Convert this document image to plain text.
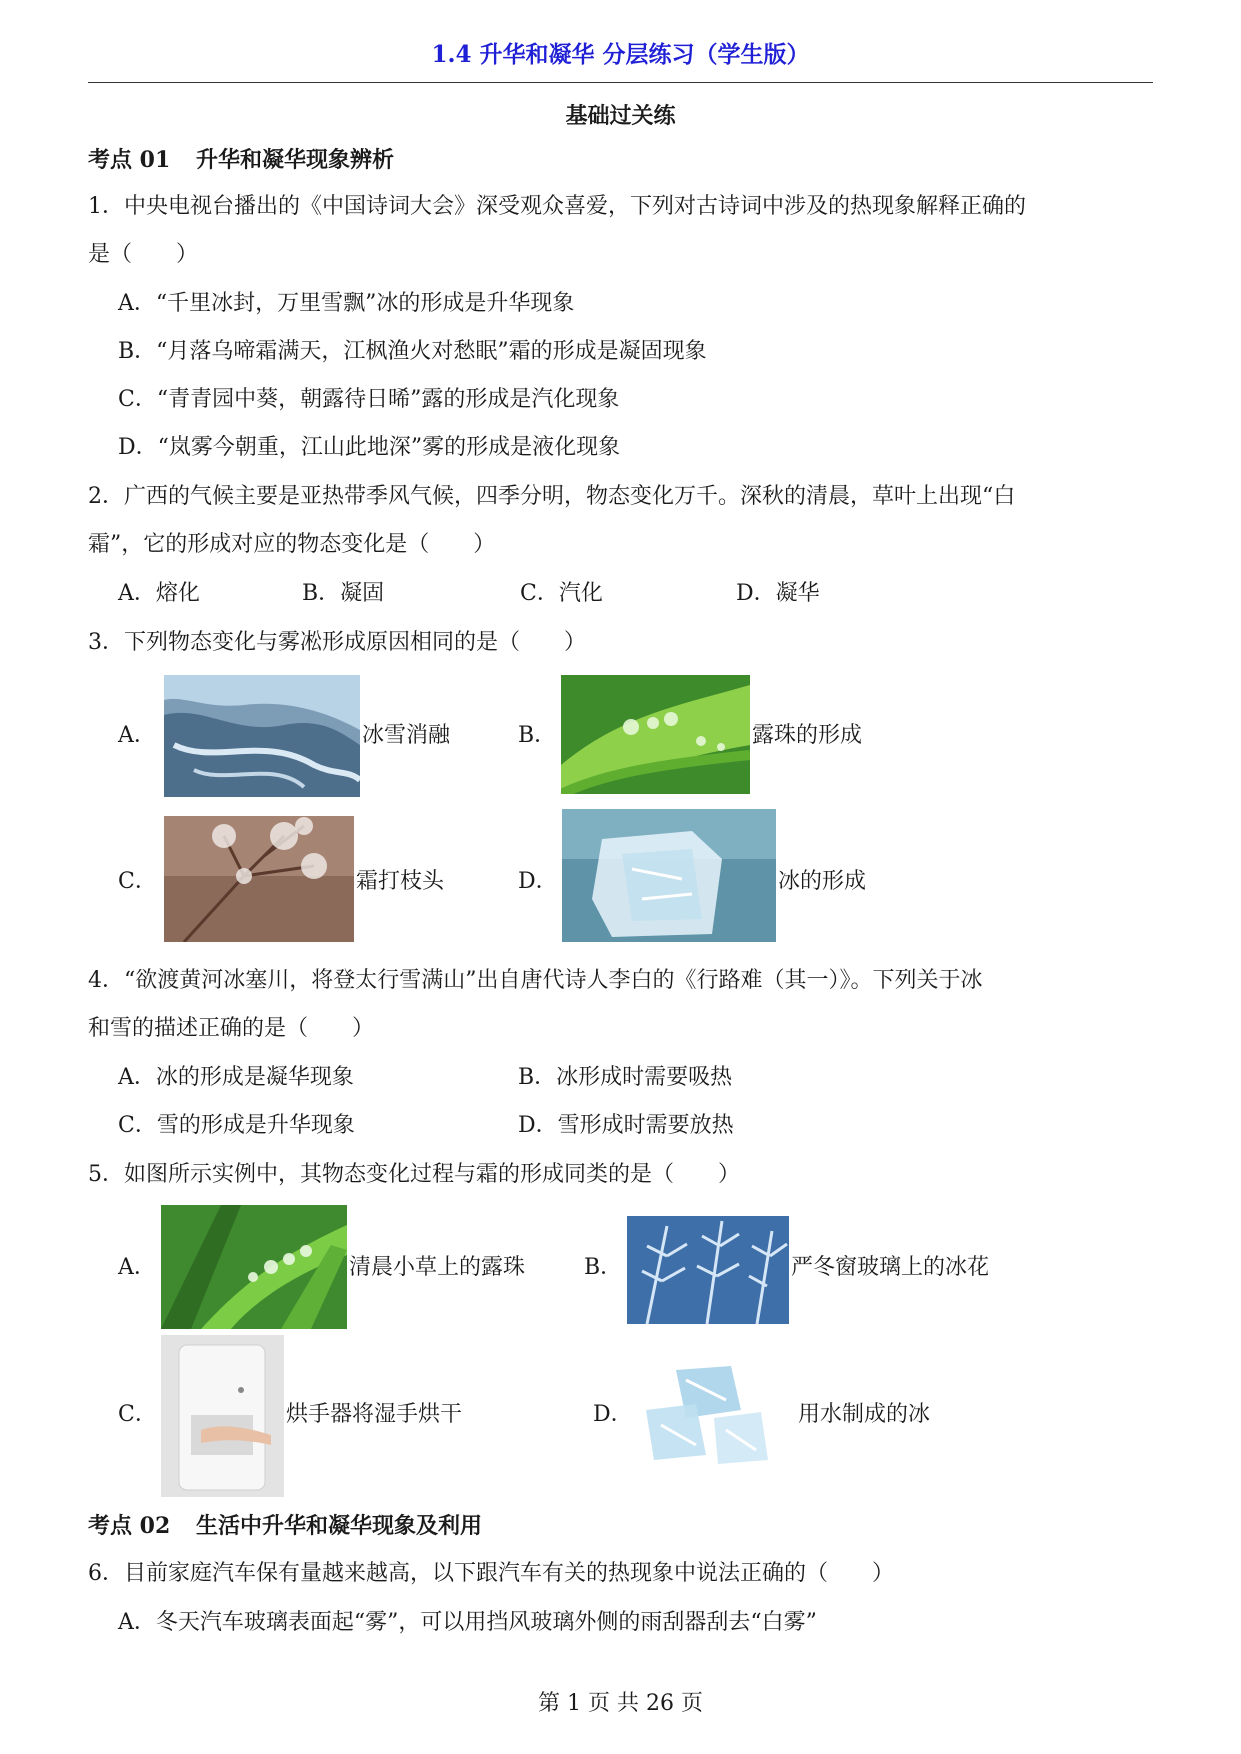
1.4 升华和凝华 分层练习（学生版）
基础过关练
考点 01 升华和凝华现象辨析
1．中央电视台播出的《中国诗词大会》深受观众喜爱，下列对古诗词中涉及的热现象解释正确的
是（　　）
A．“千里冰封，万里雪飘”冰的形成是升华现象
B．“月落乌啼霜满天，江枫渔火对愁眠”霜的形成是凝固现象
C．“青青园中葵，朝露待日晞”露的形成是汽化现象
D．“岚雾今朝重，江山此地深”雾的形成是液化现象
2．广西的气候主要是亚热带季风气候，四季分明，物态变化万千。深秋的清晨，草叶上出现“白
霜”，它的形成对应的物态变化是（　　）
A．熔化	B．凝固	C．汽化	D．凝华
3．下列物态变化与雾凇形成原因相同的是（　　）
A．	冰雪消融	B．	露珠的形成
C．	霜打枝头	D．	冰的形成
4．“欲渡黄河冰塞川，将登太行雪满山”出自唐代诗人李白的《行路难（其一）》。下列关于冰
和雪的描述正确的是（　　）
A．冰的形成是凝华现象	B．冰形成时需要吸热
C．雪的形成是升华现象	D．雪形成时需要放热
5．如图所示实例中，其物态变化过程与霜的形成同类的是（　　）
A．	清晨小草上的露珠	B．	严冬窗玻璃上的冰花
C．	烘手器将湿手烘干	D．	用水制成的冰
考点 02 生活中升华和凝华现象及利用
6．目前家庭汽车保有量越来越高，以下跟汽车有关的热现象中说法正确的（　　）
A．冬天汽车玻璃表面起“雾”，可以用挡风玻璃外侧的雨刮器刮去“白雾”
第 1 页 共 26 页
